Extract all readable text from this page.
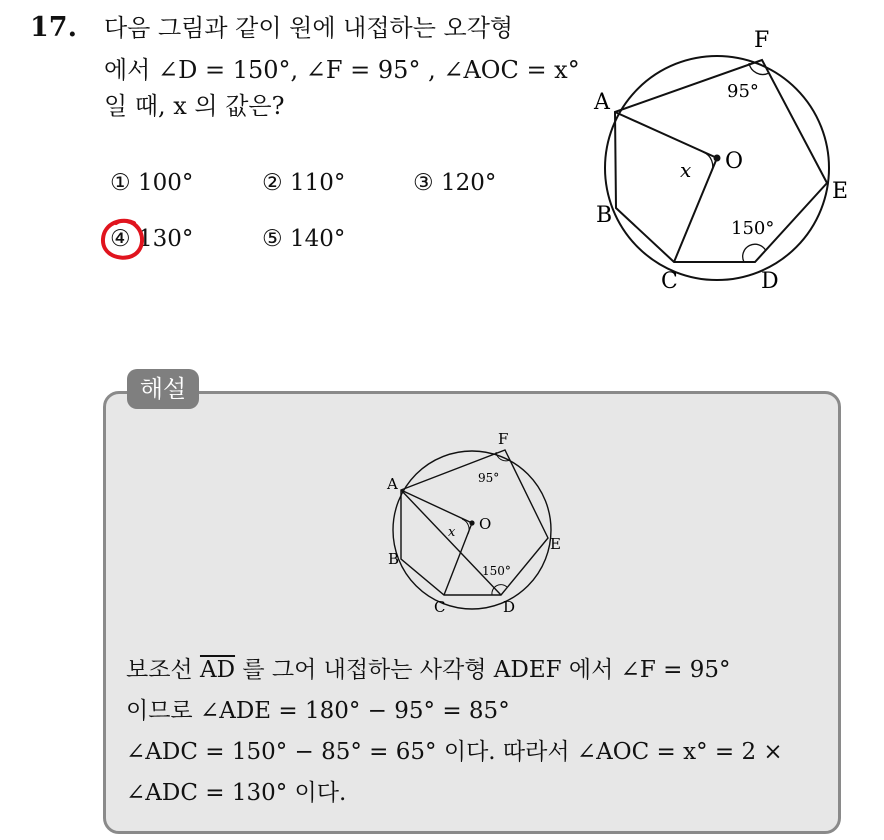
17. 다음 그림과 같이 원에 내접하는 오각형
에서 ∠D = 150°, ∠F = 95° , ∠AOC = x°
일 때, x 의 값은?
① 100°	② 110°	③ 120°
④ 130°	⑤ 140°
A
F
E
B
C	D
O
x
95°
150°
해설
A
F
E
B
C	D
O
x
95°
150°
보조선 $\overline{AD}$ 를 그어 내접하는 사각형 ADEF 에서 ∠F = 95°
이므로 ∠ADE = 180° − 95° = 85°
∠ADC = 150° − 85° = 65° 이다. 따라서 ∠AOC = x° = 2 ×
∠ADC = 130° 이다.
